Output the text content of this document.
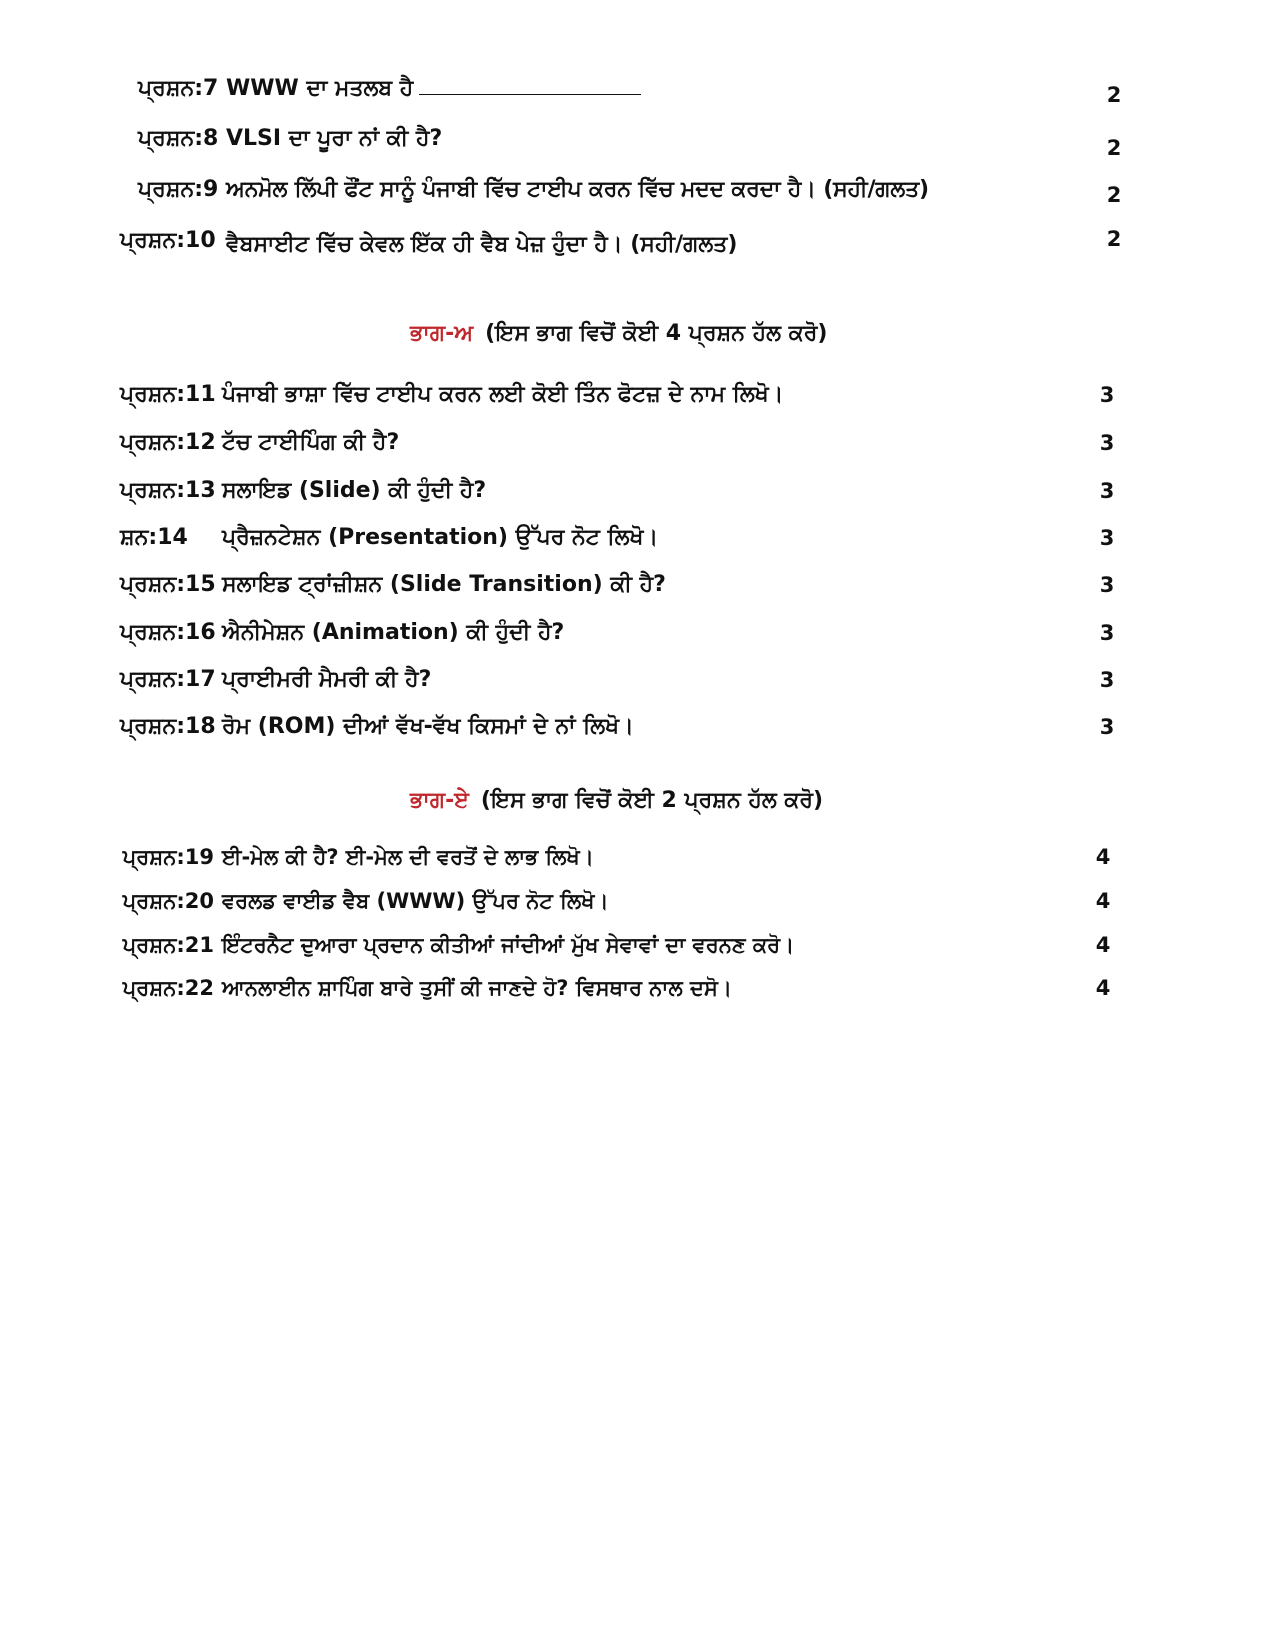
ਪ੍ਰਸ਼ਨ:7 WWW ਦਾ ਮਤਲਬ ਹੈ	2
ਪ੍ਰਸ਼ਨ:8 VLSI ਦਾ ਪੂਰਾ ਨਾਂ ਕੀ ਹੈ?	2
ਪ੍ਰਸ਼ਨ:9 ਅਨਮੋਲ ਲਿੱਪੀ ਫੌਂਟ ਸਾਨੂੰ ਪੰਜਾਬੀ ਵਿੱਚ ਟਾਈਪ ਕਰਨ ਵਿੱਚ ਮਦਦ ਕਰਦਾ ਹੈ। (ਸਹੀ/ਗਲਤ)	2
ਪ੍ਰਸ਼ਨ:10 ਵੈਬਸਾਈਟ ਵਿੱਚ ਕੇਵਲ ਇੱਕ ਹੀ ਵੈਬ ਪੇਜ਼ ਹੁੰਦਾ ਹੈ। (ਸਹੀ/ਗਲਤ)	2
ਭਾਗ-ਅ (ਇਸ ਭਾਗ ਵਿਚੋਂ ਕੋਈ 4 ਪ੍ਰਸ਼ਨ ਹੱਲ ਕਰੋ)
ਪ੍ਰਸ਼ਨ:11 ਪੰਜਾਬੀ ਭਾਸ਼ਾ ਵਿੱਚ ਟਾਈਪ ਕਰਨ ਲਈ ਕੋਈ ਤਿੰਨ ਫੋਟਜ਼ ਦੇ ਨਾਮ ਲਿਖੋ।	3
ਪ੍ਰਸ਼ਨ:12 ਟੱਚ ਟਾਈਪਿੰਗ ਕੀ ਹੈ?	3
ਪ੍ਰਸ਼ਨ:13 ਸਲਾਇਡ (Slide) ਕੀ ਹੁੰਦੀ ਹੈ?	3
ਸ਼ਨ:14 ਪ੍ਰੈਜ਼ਨਟੇਸ਼ਨ (Presentation) ਉੱਪਰ ਨੋਟ ਲਿਖੋ।	3
ਪ੍ਰਸ਼ਨ:15 ਸਲਾਇਡ ਟ੍ਰਾਂਜ਼ੀਸ਼ਨ (Slide Transition) ਕੀ ਹੈ?	3
ਪ੍ਰਸ਼ਨ:16 ਐਨੀਮੇਸ਼ਨ (Animation) ਕੀ ਹੁੰਦੀ ਹੈ?	3
ਪ੍ਰਸ਼ਨ:17 ਪ੍ਰਾਈਮਰੀ ਮੈਮਰੀ ਕੀ ਹੈ?	3
ਪ੍ਰਸ਼ਨ:18 ਰੋਮ (ROM) ਦੀਆਂ ਵੱਖ-ਵੱਖ ਕਿਸਮਾਂ ਦੇ ਨਾਂ ਲਿਖੋ।	3
ਭਾਗ-ਏ (ਇਸ ਭਾਗ ਵਿਚੋਂ ਕੋਈ 2 ਪ੍ਰਸ਼ਨ ਹੱਲ ਕਰੋ)
ਪ੍ਰਸ਼ਨ:19 ਈ-ਮੇਲ ਕੀ ਹੈ? ਈ-ਮੇਲ ਦੀ ਵਰਤੋਂ ਦੇ ਲਾਭ ਲਿਖੋ।	4
ਪ੍ਰਸ਼ਨ:20 ਵਰਲਡ ਵਾਈਡ ਵੈਬ (WWW) ਉੱਪਰ ਨੋਟ ਲਿਖੋ।	4
ਪ੍ਰਸ਼ਨ:21 ਇੰਟਰਨੈਟ ਦੁਆਰਾ ਪ੍ਰਦਾਨ ਕੀਤੀਆਂ ਜਾਂਦੀਆਂ ਮੁੱਖ ਸੇਵਾਵਾਂ ਦਾ ਵਰਨਣ ਕਰੋ।	4
ਪ੍ਰਸ਼ਨ:22 ਆਨਲਾਈਨ ਸ਼ਾਪਿੰਗ ਬਾਰੇ ਤੁਸੀਂ ਕੀ ਜਾਣਦੇ ਹੋ? ਵਿਸਥਾਰ ਨਾਲ ਦਸੋ।	4
